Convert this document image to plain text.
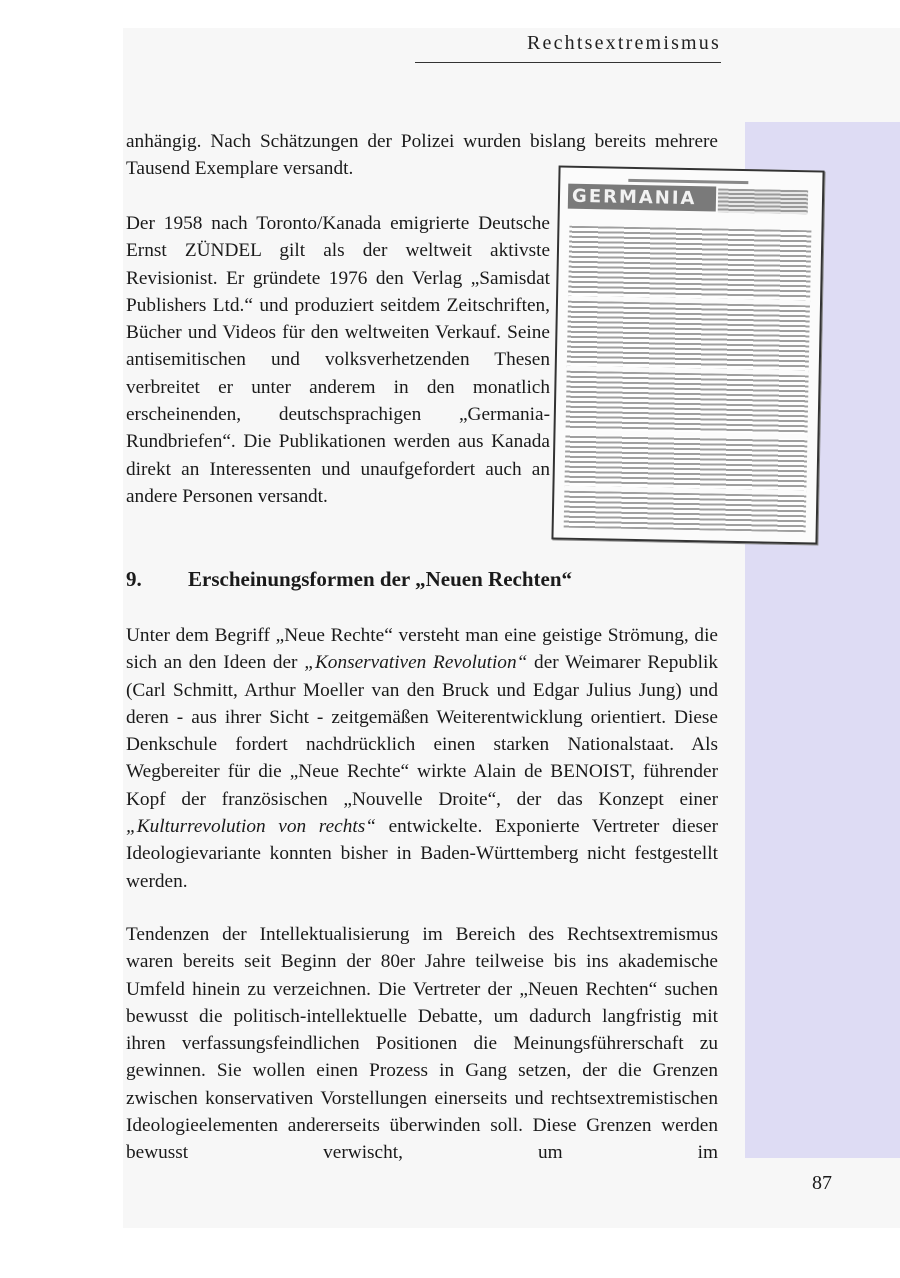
Rechtsextremismus

anhängig. Nach Schätzungen der Polizei wurden bislang bereits mehrere Tausend Exemplare versandt.

Der 1958 nach Toronto/Kanada emigrierte Deutsche Ernst ZÜNDEL gilt als der weltweit aktivste Revisionist. Er gründete 1976 den Verlag „Samisdat Publishers Ltd.“ und produziert seitdem Zeitschriften, Bücher und Videos für den weltweiten Verkauf. Seine antisemitischen und volksverhetzenden Thesen verbreitet er unter anderem in den monatlich erscheinenden, deutschsprachigen „Germania-Rundbriefen“. Die Publikationen werden aus Kanada direkt an Interessenten und unaufgefordert auch an andere Personen versandt.

GERMANIA
9. Erscheinungsformen der „Neuen Rechten“

Unter dem Begriff „Neue Rechte“ versteht man eine geistige Strömung, die sich an den Ideen der „Konservativen Revolution“ der Weimarer Republik (Carl Schmitt, Arthur Moeller van den Bruck und Edgar Julius Jung) und deren - aus ihrer Sicht - zeitgemäßen Weiterentwicklung orientiert. Diese Denkschule fordert nachdrücklich einen starken Nationalstaat. Als Wegbereiter für die „Neue Rechte“ wirkte Alain de BENOIST, führender Kopf der französischen „Nouvelle Droite“, der das Konzept einer „Kulturrevolution von rechts“ entwickelte. Exponierte Vertreter dieser Ideologievariante konnten bisher in Baden-Württemberg nicht festgestellt werden.

Tendenzen der Intellektualisierung im Bereich des Rechtsextremismus waren bereits seit Beginn der 80er Jahre teilweise bis ins akademische Umfeld hinein zu verzeichnen. Die Vertreter der „Neuen Rechten“ suchen bewusst die politisch-intellektuelle Debatte, um dadurch langfristig mit ihren verfassungsfeindlichen Positionen die Meinungsführerschaft zu gewinnen. Sie wollen einen Prozess in Gang setzen, der die Grenzen zwischen konservativen Vorstellungen einerseits und rechtsextremistischen Ideologieelementen andererseits überwinden soll. Diese Grenzen werden bewusst verwischt, um im

87
